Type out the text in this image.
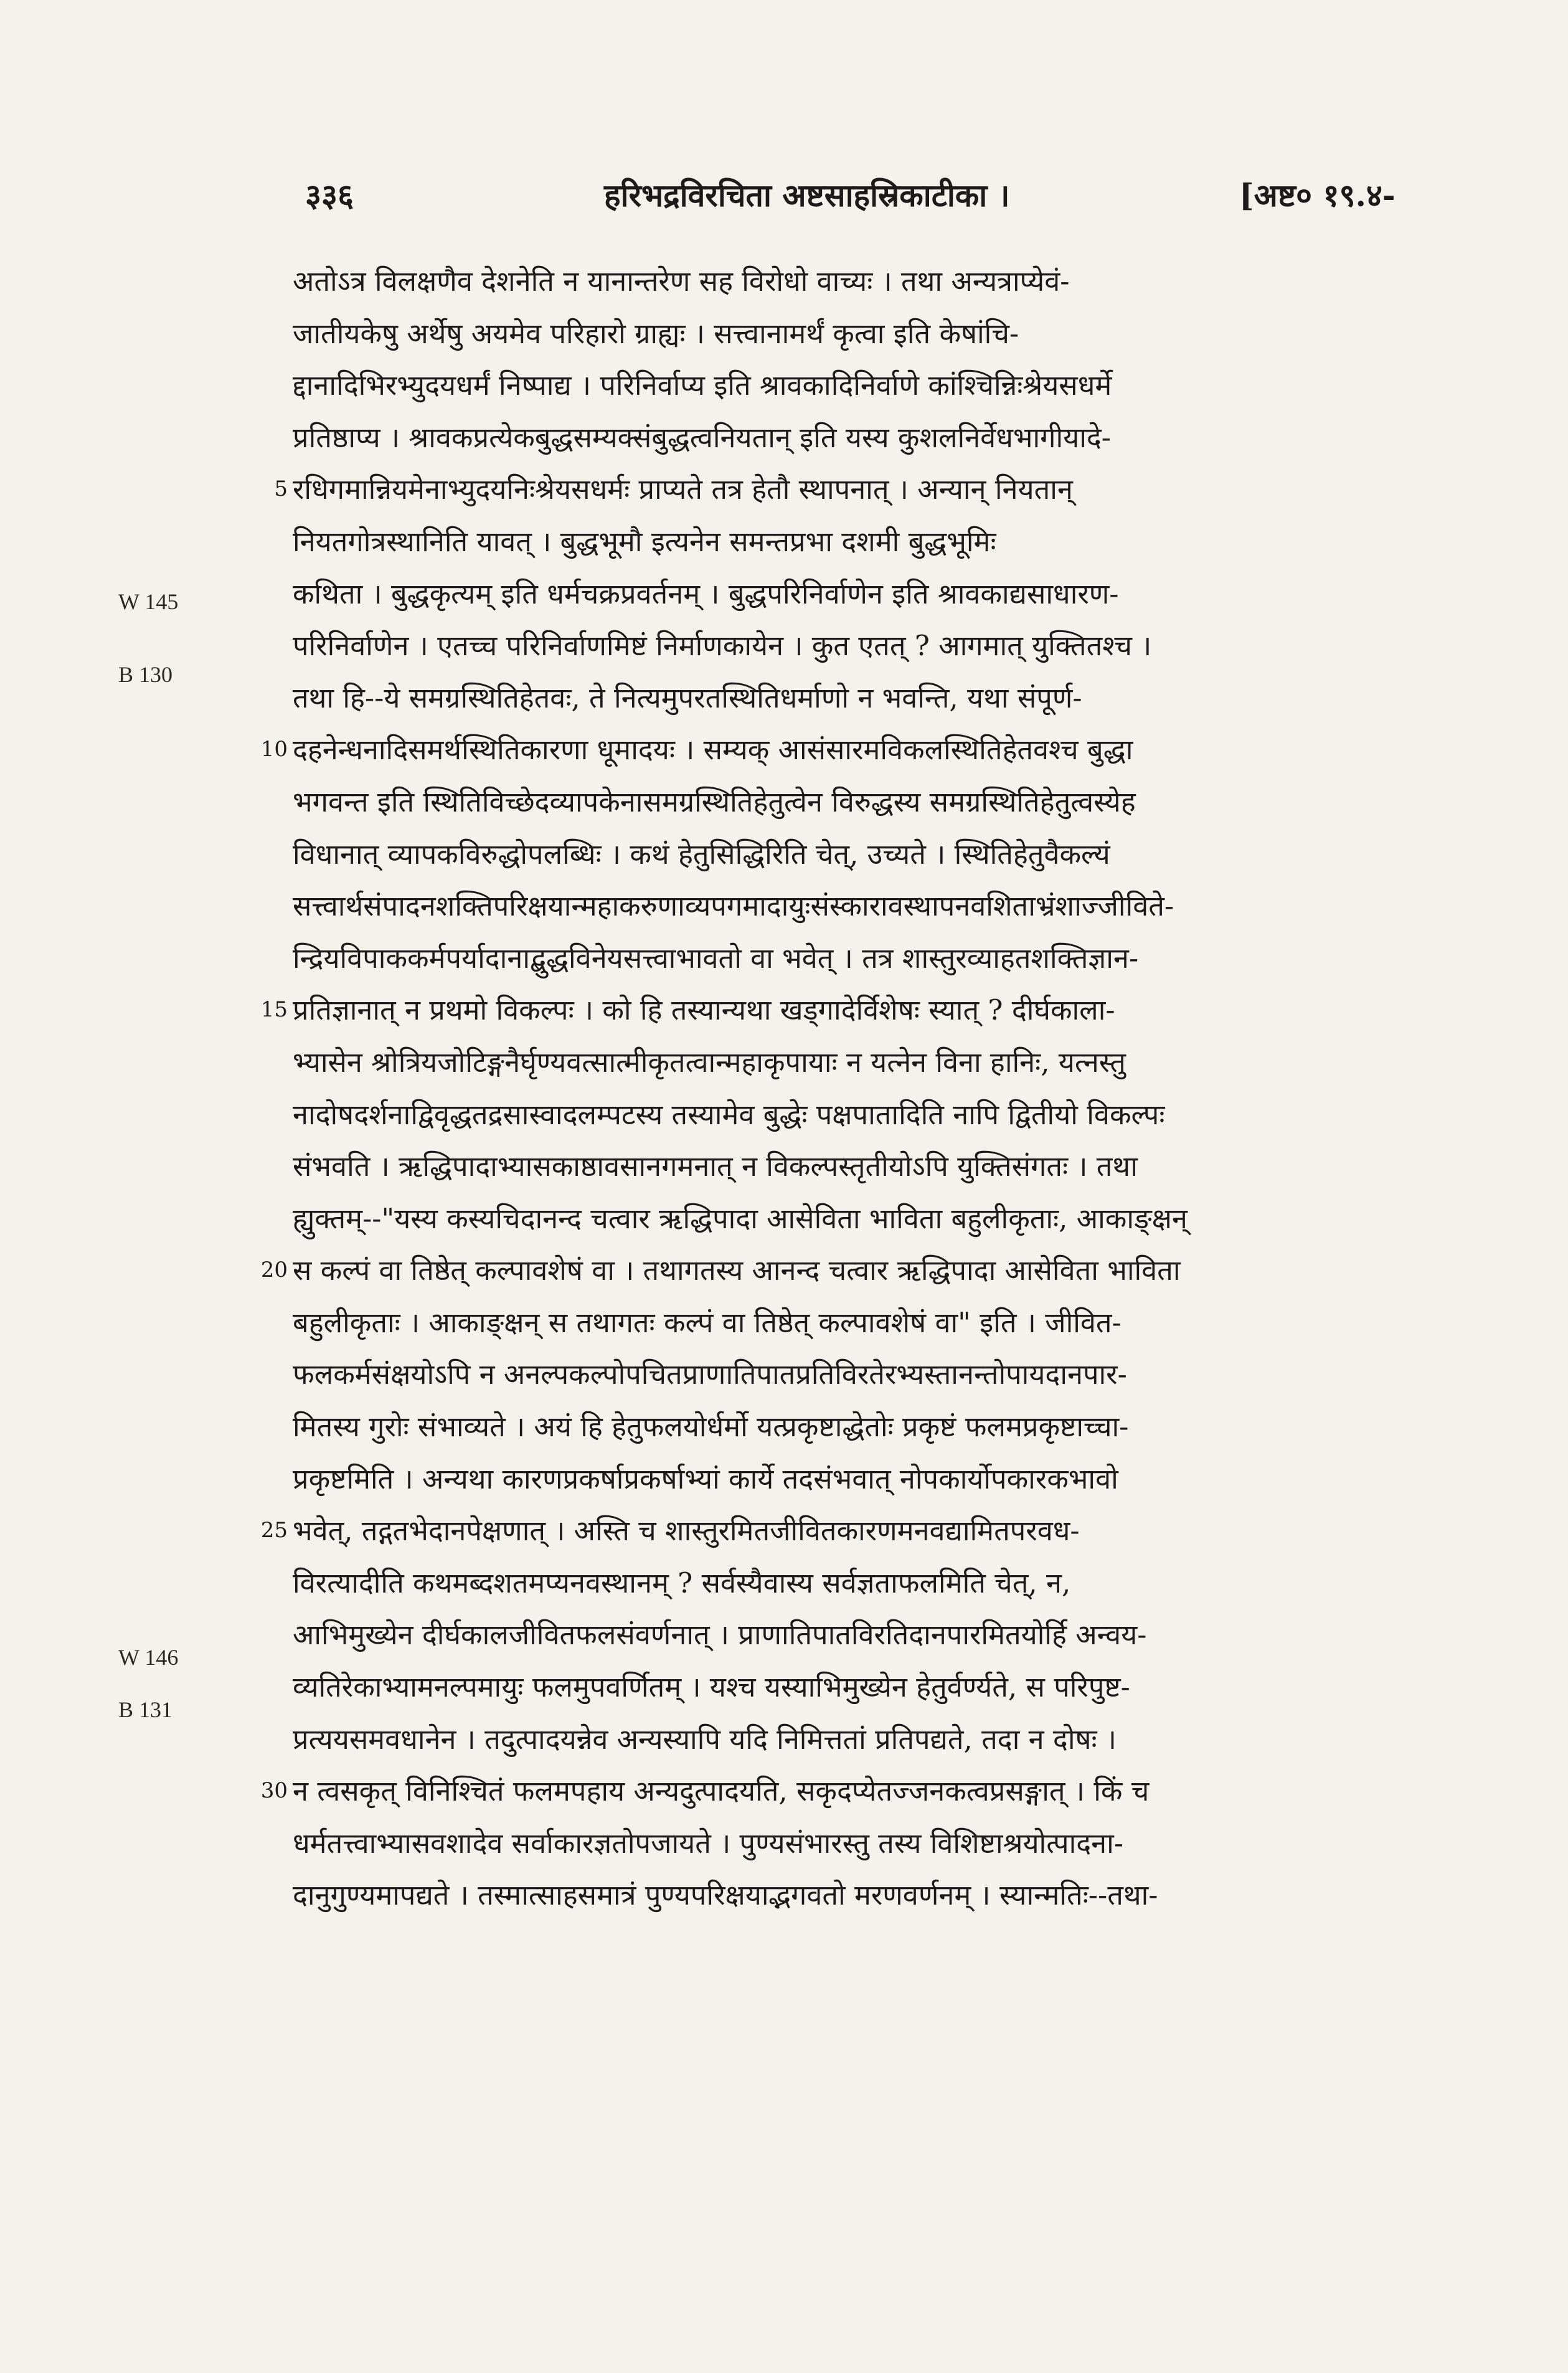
३३६	हरिभद्रविरचिता अष्टसाहस्रिकाटीका ।	[अष्ट० १९.४-
W 145
B 130
W 146
B 131
अतोऽत्र विलक्षणैव देशनेति न यानान्तरेण सह विरोधो वाच्यः । तथा अन्यत्राप्येवं-
जातीयकेषु अर्थेषु अयमेव परिहारो ग्राह्यः । सत्त्वानामर्थं कृत्वा इति केषांचि-
द्दानादिभिरभ्युदयधर्मं निष्पाद्य । परिनिर्वाप्य इति श्रावकादिनिर्वाणे कांश्चिन्निःश्रेयसधर्मे
प्रतिष्ठाप्य । श्रावकप्रत्येकबुद्धसम्यक्संबुद्धत्वनियतान् इति यस्य कुशलनिर्वेधभागीयादे-
5 रधिगमान्नियमेनाभ्युदयनिःश्रेयसधर्मः प्राप्यते तत्र हेतौ स्थापनात् । अन्यान् नियतान्
नियतगोत्रस्थानिति यावत् । बुद्धभूमौ इत्यनेन समन्तप्रभा दशमी बुद्धभूमिः
कथिता । बुद्धकृत्यम् इति धर्मचक्रप्रवर्तनम् । बुद्धपरिनिर्वाणेन इति श्रावकाद्यसाधारण-
परिनिर्वाणेन । एतच्च परिनिर्वाणमिष्टं निर्माणकायेन । कुत एतत् ? आगमात् युक्तितश्च ।
तथा हि--ये समग्रस्थितिहेतवः, ते नित्यमुपरतस्थितिधर्माणो न भवन्ति, यथा संपूर्ण-
10 दहनेन्धनादिसमर्थस्थितिकारणा धूमादयः । सम्यक् आसंसारमविकलस्थितिहेतवश्च बुद्धा
भगवन्त इति स्थितिविच्छेदव्यापकेनासमग्रस्थितिहेतुत्वेन विरुद्धस्य समग्रस्थितिहेतुत्वस्येह
विधानात् व्यापकविरुद्धोपलब्धिः । कथं हेतुसिद्धिरिति चेत्, उच्यते । स्थितिहेतुवैकल्यं
सत्त्वार्थसंपादनशक्तिपरिक्षयान्महाकरुणाव्यपगमादायुःसंस्कारावस्थापनवशिताभ्रंशाज्जीविते-
न्द्रियविपाककर्मपर्यादानाद्बुद्धविनेयसत्त्वाभावतो वा भवेत् । तत्र शास्तुरव्याहतशक्तिज्ञान-
15 प्रतिज्ञानात् न प्रथमो विकल्पः । को हि तस्यान्यथा खड्गादेर्विशेषः स्यात् ? दीर्घकाला-
भ्यासेन श्रोत्रियजोटिङ्गनैर्घृण्यवत्सात्मीकृतत्वान्महाकृपायाः न यत्नेन विना हानिः, यत्नस्तु
नादोषदर्शनाद्विवृद्धतद्रसास्वादलम्पटस्य तस्यामेव बुद्धेः पक्षपातादिति नापि द्वितीयो विकल्पः
संभवति । ऋद्धिपादाभ्यासकाष्ठावसानगमनात् न विकल्पस्तृतीयोऽपि युक्तिसंगतः । तथा
ह्युक्तम्--"यस्य कस्यचिदानन्द चत्वार ऋद्धिपादा आसेविता भाविता बहुलीकृताः, आकाङ्क्षन्
20 स कल्पं वा तिष्ठेत् कल्पावशेषं वा । तथागतस्य आनन्द चत्वार ऋद्धिपादा आसेविता भाविता
बहुलीकृताः । आकाङ्क्षन् स तथागतः कल्पं वा तिष्ठेत् कल्पावशेषं वा" इति । जीवित-
फलकर्मसंक्षयोऽपि न अनल्पकल्पोपचितप्राणातिपातप्रतिविरतेरभ्यस्तानन्तोपायदानपार-
मितस्य गुरोः संभाव्यते । अयं हि हेतुफलयोर्धर्मो यत्प्रकृष्टाद्धेतोः प्रकृष्टं फलमप्रकृष्टाच्चा-
प्रकृष्टमिति । अन्यथा कारणप्रकर्षाप्रकर्षाभ्यां कार्ये तदसंभवात् नोपकार्योपकारकभावो
25 भवेत्, तद्गतभेदानपेक्षणात् । अस्ति च शास्तुरमितजीवितकारणमनवद्यामितपरवध-
विरत्यादीति कथमब्दशतमप्यनवस्थानम् ? सर्वस्यैवास्य सर्वज्ञताफलमिति चेत्, न,
आभिमुख्येन दीर्घकालजीवितफलसंवर्णनात् । प्राणातिपातविरतिदानपारमितयोर्हि अन्वय-
व्यतिरेकाभ्यामनल्पमायुः फलमुपवर्णितम् । यश्च यस्याभिमुख्येन हेतुर्वर्ण्यते, स परिपुष्ट-
प्रत्ययसमवधानेन । तदुत्पादयन्नेव अन्यस्यापि यदि निमित्ततां प्रतिपद्यते, तदा न दोषः ।
30 न त्वसकृत् विनिश्चितं फलमपहाय अन्यदुत्पादयति, सकृदप्येतज्जनकत्वप्रसङ्गात् । किं च
धर्मतत्त्वाभ्यासवशादेव सर्वाकारज्ञतोपजायते । पुण्यसंभारस्तु तस्य विशिष्टाश्रयोत्पादना-
दानुगुण्यमापद्यते । तस्मात्साहसमात्रं पुण्यपरिक्षयाद्भगवतो मरणवर्णनम् । स्यान्मतिः--तथा-
